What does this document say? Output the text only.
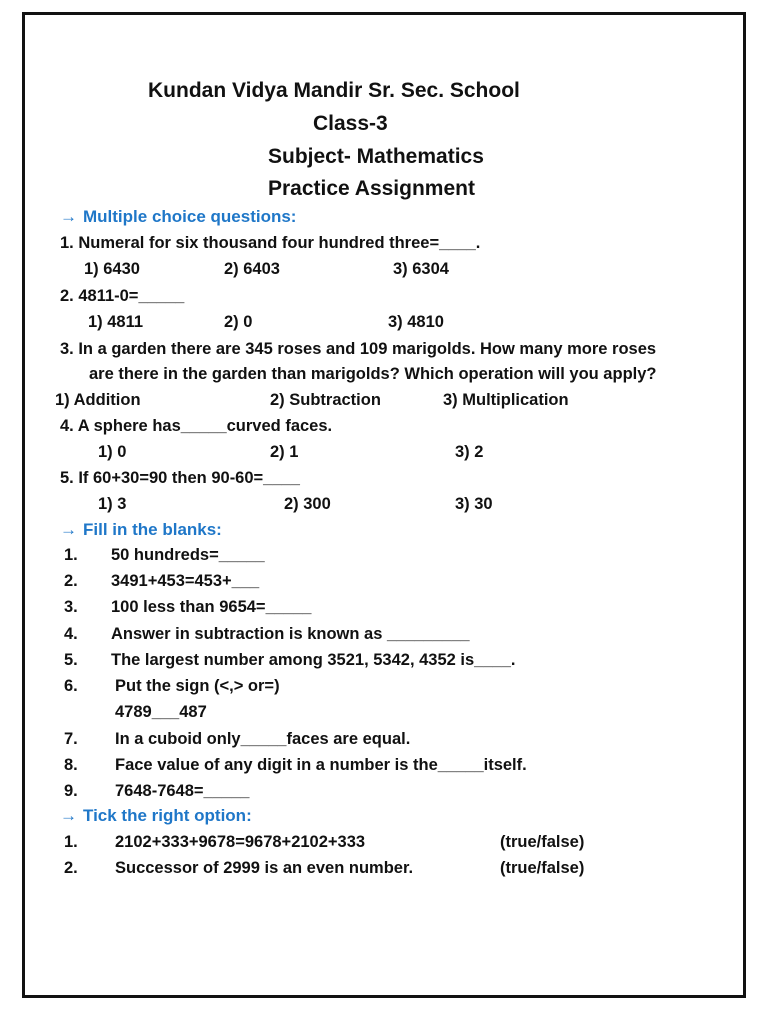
Kundan Vidya Mandir Sr. Sec. School
Class-3
Subject- Mathematics
Practice Assignment
→ Multiple choice questions:
1. Numeral for six thousand four hundred three=____.
1) 6430	2) 6403	3) 6304
2. 4811-0=_____
1) 4811	2) 0	3) 4810
3. In a garden there are 345 roses and 109 marigolds. How many more roses
are there in the garden than marigolds? Which operation will you apply?
1) Addition	2) Subtraction	3) Multiplication
4. A sphere has_____curved faces.
1) 0	2) 1	3) 2
5. If 60+30=90 then 90-60=____
1) 3	2) 300	3) 30
→ Fill in the blanks:
1. 50 hundreds=_____
2. 3491+453=453+___
3. 100 less than 9654=_____
4. Answer in subtraction is known as _________
5. The largest number among 3521, 5342, 4352 is____.
6. Put the sign (<,> or=)
4789___487
7. In a cuboid only_____faces are equal.
8. Face value of any digit in a number is the_____itself.
9. 7648-7648=_____
→ Tick the right option:
1. 2102+333+9678=9678+2102+333	(true/false)
2. Successor of 2999 is an even number.	(true/false)
